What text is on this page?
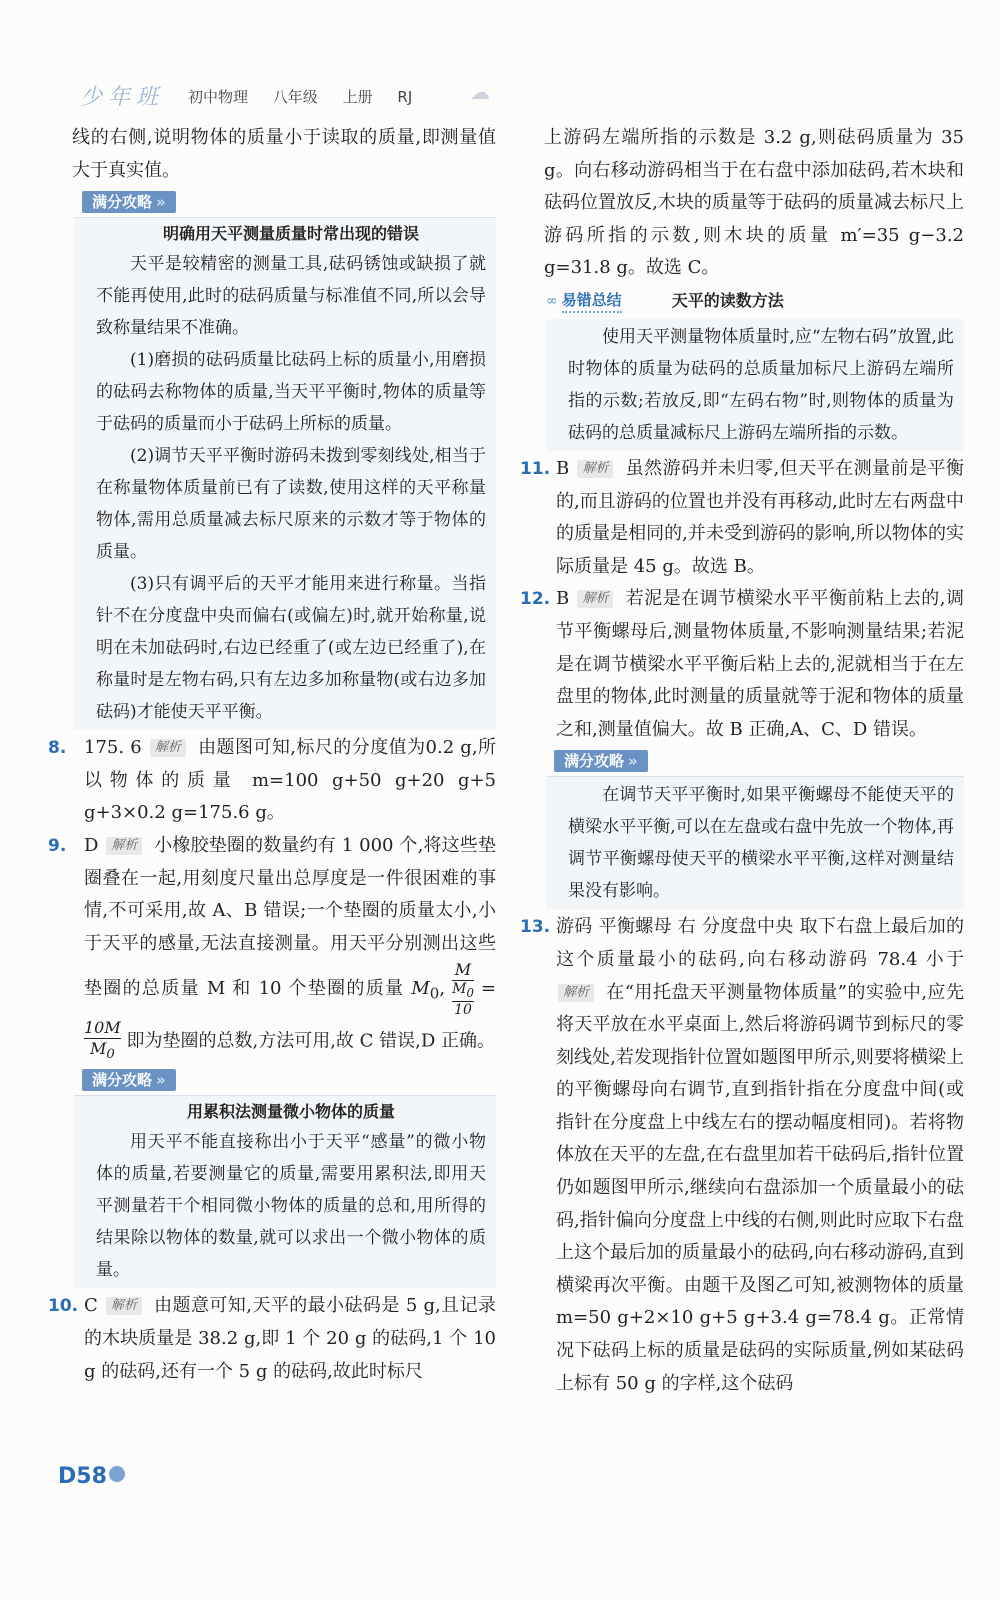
少年班 初中物理 八年级 上册 RJ	☁

线的右侧,说明物体的质量小于读取的质量,即测量值大于真实值。

满分攻略 »

明确用天平测量质量时常出现的错误

天平是较精密的测量工具,砝码锈蚀或缺损了就不能再使用,此时的砝码质量与标准值不同,所以会导致称量结果不准确。

(1)磨损的砝码质量比砝码上标的质量小,用磨损的砝码去称物体的质量,当天平平衡时,物体的质量等于砝码的质量而小于砝码上所标的质量。

(2)调节天平平衡时游码未拨到零刻线处,相当于在称量物体质量前已有了读数,使用这样的天平称量物体,需用总质量减去标尺原来的示数才等于物体的质量。

(3)只有调平后的天平才能用来进行称量。当指针不在分度盘中央而偏右(或偏左)时,就开始称量,说明在未加砝码时,右边已经重了(或左边已经重了),在称量时是左物右码,只有左边多加称量物(或右边多加砝码)才能使天平平衡。

8. 175. 6 解析 由题图可知,标尺的分度值为0.2 g,所以物体的质量 m=100 g+50 g+20 g+5 g+3×0.2 g=175.6 g。
9. D 解析 小橡胶垫圈的数量约有 1 000 个,将这些垫圈叠在一起,用刻度尺量出总厚度是一件很困难的事情,不可采用,故 A、B 错误;一个垫圈的质量太小,小于天平的感量,无法直接测量。用天平分别测出这些垫圈的总质量 M 和 10 个垫圈的质量 $M_0$, $\frac{M}{\frac{M_0}{10}}$ =
$\frac{10M}{M_0}$ 即为垫圈的总数,方法可用,故 C 错误,D 正确。
满分攻略 »

用累积法测量微小物体的质量

用天平不能直接称出小于天平“感量”的微小物体的质量,若要测量它的质量,需要用累积法,即用天平测量若干个相同微小物体的质量的总和,用所得的结果除以物体的数量,就可以求出一个微小物体的质量。

10. C 解析 由题意可知,天平的最小砝码是 5 g,且记录的木块质量是 38.2 g,即 1 个 20 g 的砝码,1 个 10 g 的砝码,还有一个 5 g 的砝码,故此时标尺

上游码左端所指的示数是 3.2 g,则砝码质量为 35 g。向右移动游码相当于在右盘中添加砝码,若木块和砝码位置放反,木块的质量等于砝码的质量减去标尺上游码所指的示数,则木块的质量 m′=35 g−3.2 g=31.8 g。故选 C。

∞ 易错总结	天平的读数方法

使用天平测量物体质量时,应“左物右码”放置,此时物体的质量为砝码的总质量加标尺上游码左端所指的示数;若放反,即“左码右物”时,则物体的质量为砝码的总质量减标尺上游码左端所指的示数。

11. B 解析 虽然游码并未归零,但天平在测量前是平衡的,而且游码的位置也并没有再移动,此时左右两盘中的质量是相同的,并未受到游码的影响,所以物体的实际质量是 45 g。故选 B。
12. B 解析 若泥是在调节横梁水平平衡前粘上去的,调节平衡螺母后,测量物体质量,不影响测量结果;若泥是在调节横梁水平平衡后粘上去的,泥就相当于在左盘里的物体,此时测量的质量就等于泥和物体的质量之和,测量值偏大。故 B 正确,A、C、D 错误。
满分攻略 »

在调节天平平衡时,如果平衡螺母不能使天平的横梁水平平衡,可以在左盘或右盘中先放一个物体,再调节平衡螺母使天平的横梁水平平衡,这样对测量结果没有影响。

13. 游码 平衡螺母 右 分度盘中央 取下右盘上最后加的这个质量最小的砝码,向右移动游码 78.4 小于 解析 在“用托盘天平测量物体质量”的实验中,应先将天平放在水平桌面上,然后将游码调节到标尺的零刻线处,若发现指针位置如题图甲所示,则要将横梁上的平衡螺母向右调节,直到指针指在分度盘中间(或指针在分度盘上中线左右的摆动幅度相同)。若将物体放在天平的左盘,在右盘里加若干砝码后,指针位置仍如题图甲所示,继续向右盘添加一个质量最小的砝码,指针偏向分度盘上中线的右侧,则此时应取下右盘上这个最后加的质量最小的砝码,向右移动游码,直到横梁再次平衡。由题干及图乙可知,被测物体的质量 m=50 g+2×10 g+5 g+3.4 g=78.4 g。正常情况下砝码上标的质量是砝码的实际质量,例如某砝码上标有 50 g 的字样,这个砝码
D58
